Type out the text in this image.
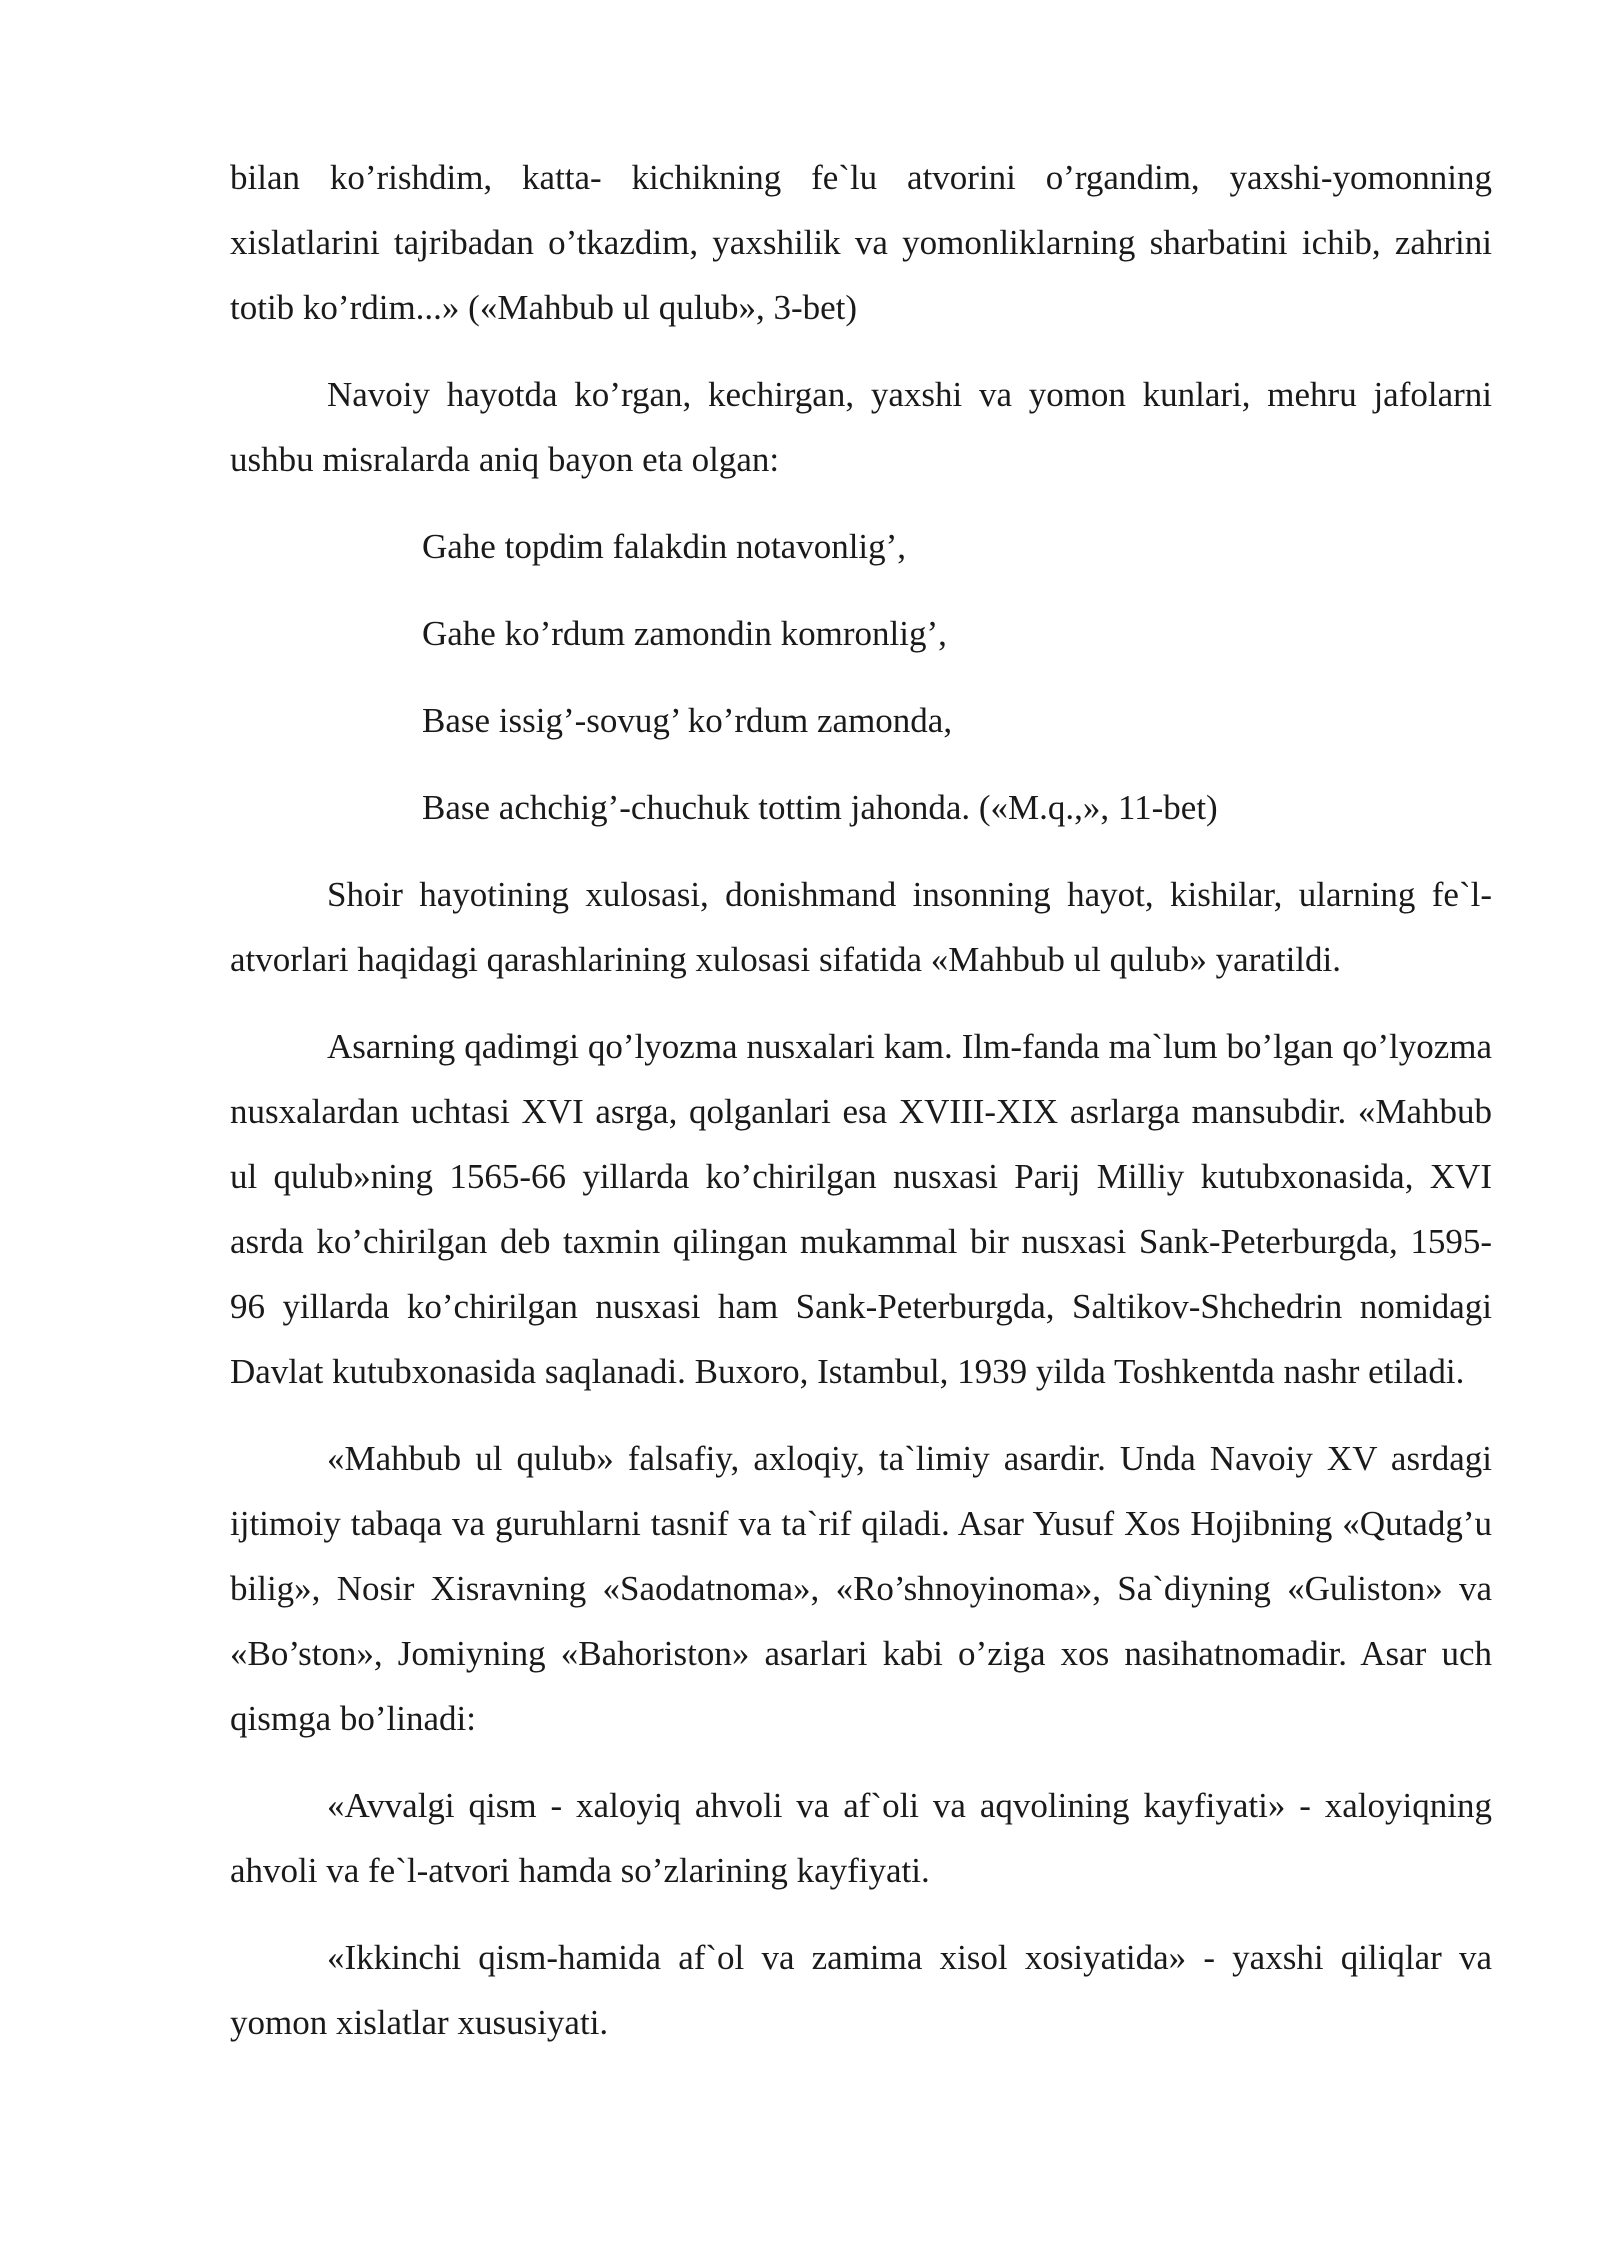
bilan ko’rishdim, katta- kichikning fe`lu atvorini o’rgandim, yaxshi-yomonning xislatlarini tajribadan o’tkazdim, yaxshilik va yomonliklarning sharbatini ichib, zahrini totib ko’rdim...» («Mahbub ul qulub», 3-bet)

Navoiy hayotda ko’rgan, kechirgan, yaxshi va yomon kunlari, mehru jafolarni ushbu misralarda aniq bayon eta olgan:

Gahe topdim falakdin notavonlig’,

Gahe ko’rdum zamondin komronlig’,

Base issig’-sovug’ ko’rdum zamonda,

Base achchig’-chuchuk tottim jahonda. («M.q.,», 11-bet)

Shoir hayotining xulosasi, donishmand insonning hayot, kishilar, ularning fe`l-atvorlari haqidagi qarashlarining xulosasi sifatida «Mahbub ul qulub» yaratildi.

Asarning qadimgi qo’lyozma nusxalari kam. Ilm-fanda ma`lum bo’lgan qo’lyozma nusxalardan uchtasi XVI asrga, qolganlari esa XVIII-XIX asrlarga mansubdir. «Mahbub ul qulub»ning 1565-66 yillarda ko’chirilgan nusxasi Parij Milliy kutubxonasida, XVI asrda ko’chirilgan deb taxmin qilingan mukammal bir nusxasi Sank-Peterburgda, 1595-96 yillarda ko’chirilgan nusxasi ham Sank-Peterburgda, Saltikov-Shchedrin nomidagi Davlat kutubxonasida saqlanadi. Buxoro, Istambul, 1939 yilda Toshkentda nashr etiladi.

«Mahbub ul qulub» falsafiy, axloqiy, ta`limiy asardir. Unda Navoiy XV asrdagi ijtimoiy tabaqa va guruhlarni tasnif va ta`rif qiladi. Asar Yusuf Xos Hojibning «Qutadg’u bilig», Nosir Xisravning «Saodatnoma», «Ro’shnoyinoma», Sa`diyning «Guliston» va «Bo’ston», Jomiyning «Bahoriston» asarlari kabi o’ziga xos nasihatnomadir. Asar uch qismga bo’linadi:

«Avvalgi qism - xaloyiq ahvoli va af`oli va aqvolining kayfiyati» - xaloyiqning ahvoli va fe`l-atvori hamda so’zlarining kayfiyati.

«Ikkinchi qism-hamida af`ol va zamima xisol xosiyatida» - yaxshi qiliqlar va yomon xislatlar xususiyati.
